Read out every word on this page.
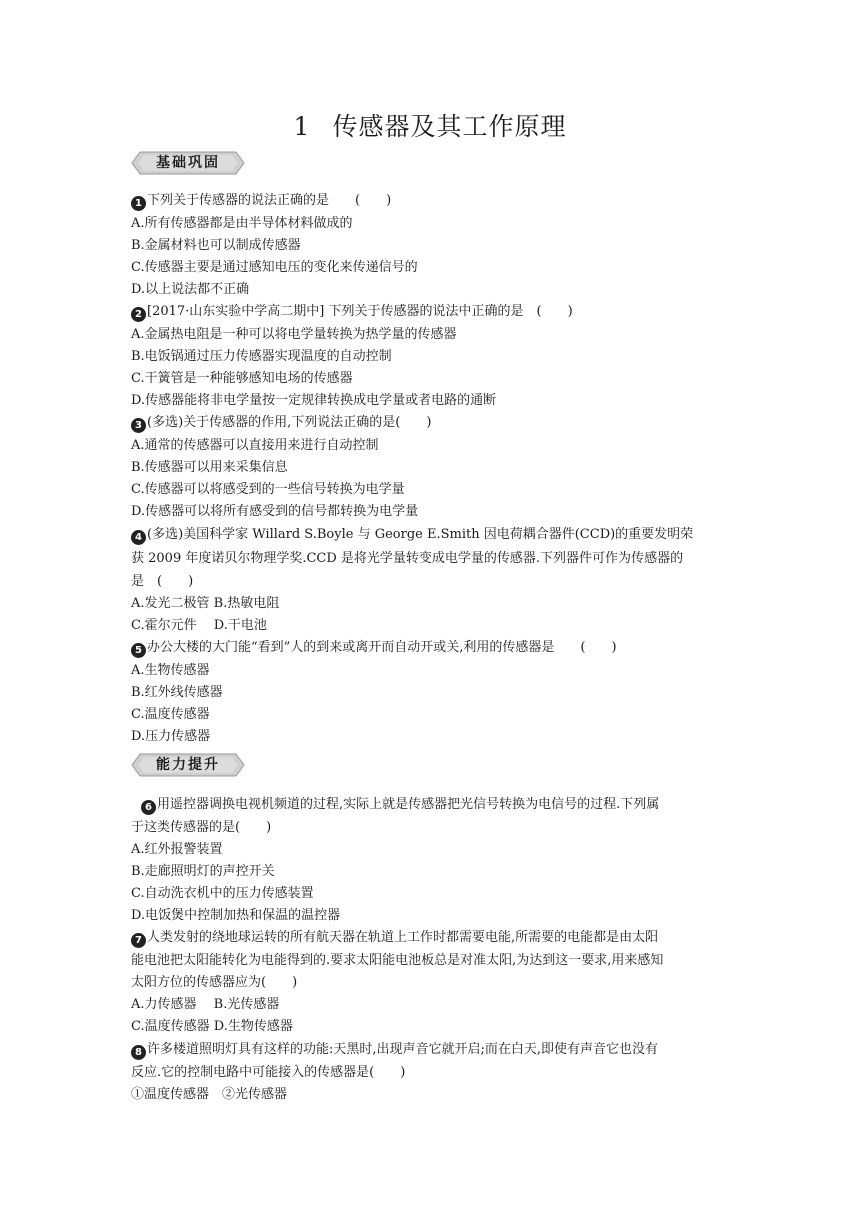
1 传感器及其工作原理
基础巩固
1 下列关于传感器的说法正确的是　　(　　)
A.所有传感器都是由半导体材料做成的
B.金属材料也可以制成传感器
C.传感器主要是通过感知电压的变化来传递信号的
D.以上说法都不正确
2 [2017·山东实验中学高二期中] 下列关于传感器的说法中正确的是　(　　)
A.金属热电阻是一种可以将电学量转换为热学量的传感器
B.电饭锅通过压力传感器实现温度的自动控制
C.干簧管是一种能够感知电场的传感器
D.传感器能将非电学量按一定规律转换成电学量或者电路的通断
3 (多选)关于传感器的作用,下列说法正确的是(　　)
A.通常的传感器可以直接用来进行自动控制
B.传感器可以用来采集信息
C.传感器可以将感受到的一些信号转换为电学量
D.传感器可以将所有感受到的信号都转换为电学量
4 (多选)美国科学家 Willard S.Boyle 与 George E.Smith 因电荷耦合器件(CCD)的重要发明荣
获 2009 年度诺贝尔物理学奖.CCD 是将光学量转变成电学量的传感器.下列器件可作为传感器的
是　(　　)
A.发光二极管 B.热敏电阻
C.霍尔元件　 D.干电池
5 办公大楼的大门能“看到”人的到来或离开而自动开或关,利用的传感器是　　(　　)
A.生物传感器
B.红外线传感器
C.温度传感器
D.压力传感器
能力提升
6 用遥控器调换电视机频道的过程,实际上就是传感器把光信号转换为电信号的过程.下列属
于这类传感器的是(　　)
A.红外报警装置
B.走廊照明灯的声控开关
C.自动洗衣机中的压力传感装置
D.电饭煲中控制加热和保温的温控器
7 人类发射的绕地球运转的所有航天器在轨道上工作时都需要电能,所需要的电能都是由太阳
能电池把太阳能转化为电能得到的.要求太阳能电池板总是对准太阳,为达到这一要求,用来感知
太阳方位的传感器应为(　　)
A.力传感器　 B.光传感器
C.温度传感器 D.生物传感器
8 许多楼道照明灯具有这样的功能:天黑时,出现声音它就开启;而在白天,即使有声音它也没有
反应.它的控制电路中可能接入的传感器是(　　)
①温度传感器　②光传感器
